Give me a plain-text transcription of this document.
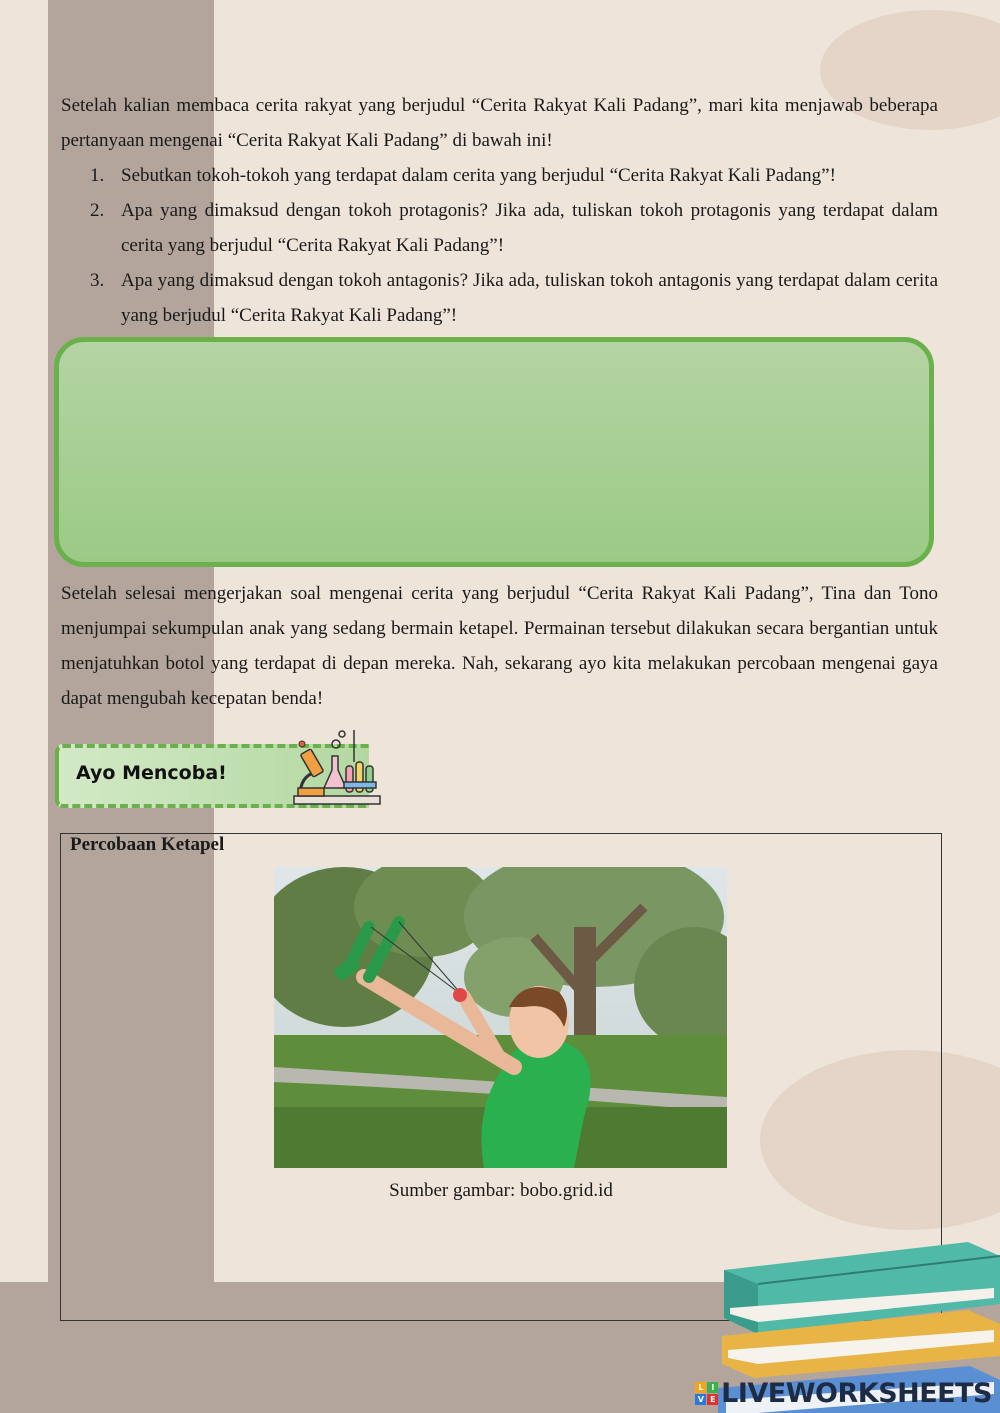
Setelah kalian membaca cerita rakyat yang berjudul “Cerita Rakyat Kali Padang”, mari kita menjawab beberapa pertanyaan mengenai “Cerita Rakyat Kali Padang” di bawah ini!

1. Sebutkan tokoh-tokoh yang terdapat dalam cerita yang berjudul “Cerita Rakyat Kali Padang”!
2. Apa yang dimaksud dengan tokoh protagonis? Jika ada, tuliskan tokoh protagonis yang terdapat dalam cerita yang berjudul “Cerita Rakyat Kali Padang”!
3. Apa yang dimaksud dengan tokoh antagonis? Jika ada, tuliskan tokoh antagonis yang terdapat dalam cerita yang berjudul “Cerita Rakyat Kali Padang”!

Setelah selesai mengerjakan soal mengenai cerita yang berjudul “Cerita Rakyat Kali Padang”, Tina dan Tono menjumpai sekumpulan anak yang sedang bermain ketapel. Permainan tersebut dilakukan secara bergantian untuk menjatuhkan botol yang terdapat di depan mereka. Nah, sekarang ayo kita melakukan percobaan mengenai gaya dapat mengubah kecepatan benda!

Ayo Mencoba!
Percobaan Ketapel
Sumber gambar: bobo.grid.id
L	I
V E LIVEWORKSHEETS
